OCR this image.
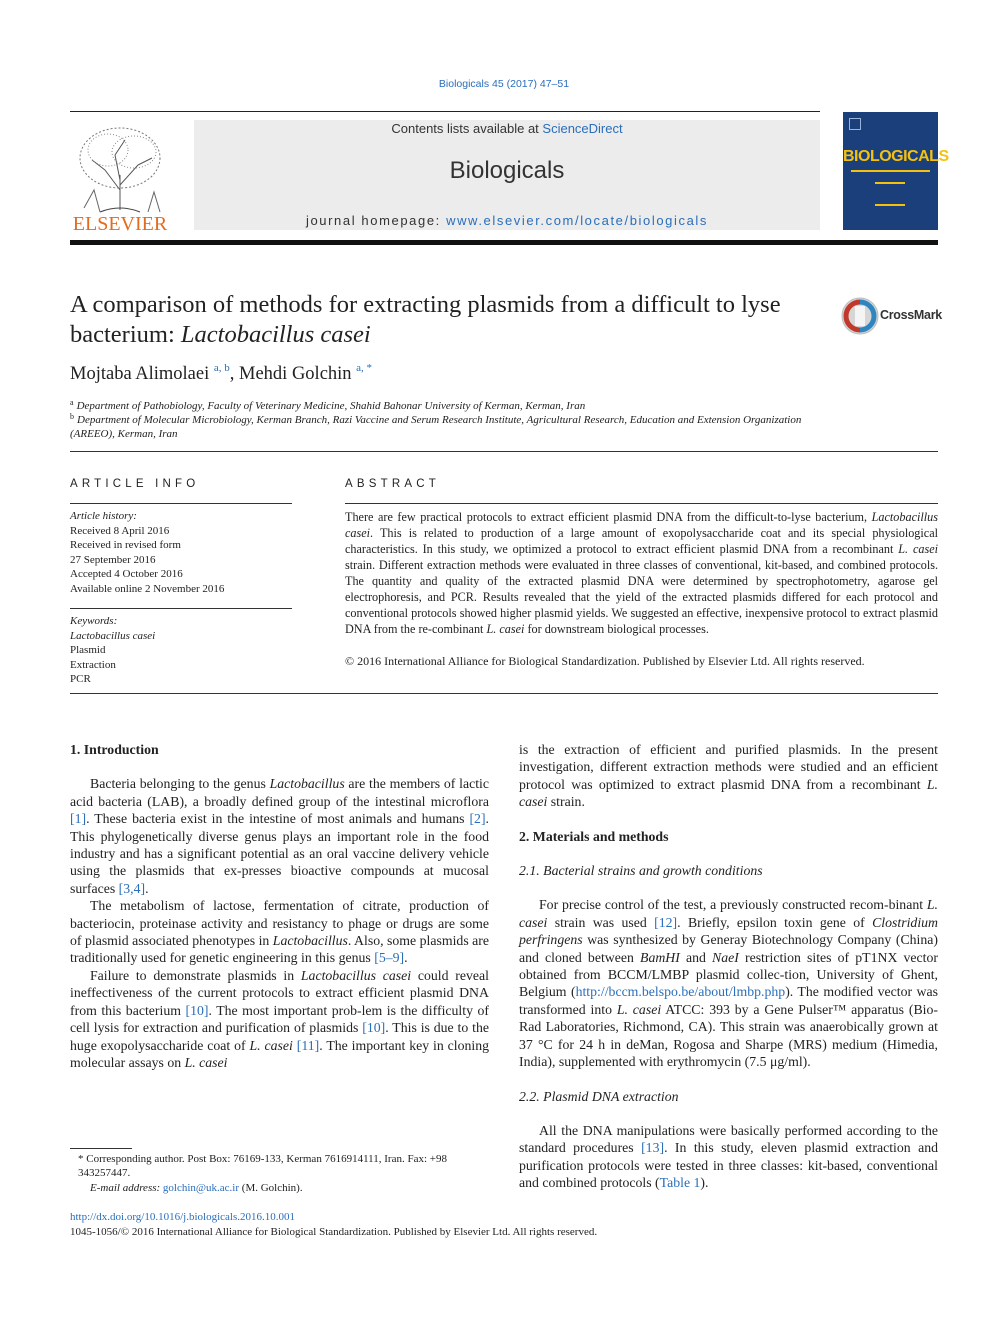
Biologicals 45 (2017) 47–51
ELSEVIER
Contents lists available at ScienceDirect
Biologicals
journal homepage: www.elsevier.com/locate/biologicals
BIOLOGICALS
A comparison of methods for extracting plasmids from a difficult to lyse bacterium: Lactobacillus casei
CrossMark
Mojtaba Alimolaei $^{a, b}$, Mehdi Golchin $^{a, *}$
$^a$ Department of Pathobiology, Faculty of Veterinary Medicine, Shahid Bahonar University of Kerman, Kerman, Iran
$^b$ Department of Molecular Microbiology, Kerman Branch, Razi Vaccine and Serum Research Institute, Agricultural Research, Education and Extension Organization (AREEO), Kerman, Iran
ARTICLE INFO	ABSTRACT
Article history:
Received 8 April 2016
Received in revised form
27 September 2016
Accepted 4 October 2016
Available online 2 November 2016
Keywords:
Lactobacillus casei
Plasmid
Extraction
PCR
There are few practical protocols to extract efficient plasmid DNA from the difficult-to-lyse bacterium, Lactobacillus casei. This is related to production of a large amount of exopolysaccharide coat and its special physiological characteristics. In this study, we optimized a protocol to extract efficient plasmid DNA from a recombinant L. casei strain. Different extraction methods were evaluated in three classes of conventional, kit-based, and combined protocols. The quantity and quality of the extracted plasmid DNA were determined by spectrophotometry, agarose gel electrophoresis, and PCR. Results revealed that the yield of the extracted plasmids differed for each protocol and conventional protocols showed higher plasmid yields. We suggested an effective, inexpensive protocol to extract plasmid DNA from the re-combinant L. casei for downstream biological processes.
© 2016 International Alliance for Biological Standardization. Published by Elsevier Ltd. All rights reserved.
1. Introduction

Bacteria belonging to the genus Lactobacillus are the members of lactic acid bacteria (LAB), a broadly defined group of the intestinal microflora [1]. These bacteria exist in the intestine of most animals and humans [2]. This phylogenetically diverse genus plays an important role in the food industry and has a significant potential as an oral vaccine delivery vehicle using the plasmids that ex-presses bioactive compounds at mucosal surfaces [3,4].

The metabolism of lactose, fermentation of citrate, production of bacteriocin, proteinase activity and resistancy to phage or drugs are some of plasmid associated phenotypes in Lactobacillus. Also, some plasmids are traditionally used for genetic engineering in this genus [5–9].

Failure to demonstrate plasmids in Lactobacillus casei could reveal ineffectiveness of the current protocols to extract efficient plasmid DNA from this bacterium [10]. The most important prob-lem is the difficulty of cell lysis for extraction and purification of plasmids [10]. This is due to the huge exopolysaccharide coat of L. casei [11]. The important key in cloning molecular assays on L. casei

is the extraction of efficient and purified plasmids. In the present investigation, different extraction methods were studied and an efficient protocol was optimized to extract plasmid DNA from a recombinant L. casei strain.

2. Materials and methods
2.1. Bacterial strains and growth conditions

For precise control of the test, a previously constructed recom-binant L. casei strain was used [12]. Briefly, epsilon toxin gene of Clostridium perfringens was synthesized by Generay Biotechnology Company (China) and cloned between BamHI and NaeI restriction sites of pT1NX vector obtained from BCCM/LMBP plasmid collec-tion, University of Ghent, Belgium (http://bccm.belspo.be/about/lmbp.php). The modified vector was transformed into L. casei ATCC: 393 by a Gene Pulser™ apparatus (Bio-Rad Laboratories, Richmond, CA). This strain was anaerobically grown at 37 °C for 24 h in deMan, Rogosa and Sharpe (MRS) medium (Himedia, India), supplemented with erythromycin (7.5 μg/ml).

2.2. Plasmid DNA extraction

All the DNA manipulations were basically performed according to the standard procedures [13]. In this study, eleven plasmid extraction and purification protocols were tested in three classes: kit-based, conventional and combined protocols (Table 1).

* Corresponding author. Post Box: 76169-133, Kerman 7616914111, Iran. Fax: +98 343257447.
E-mail address: golchin@uk.ac.ir (M. Golchin).
http://dx.doi.org/10.1016/j.biologicals.2016.10.001
1045-1056/© 2016 International Alliance for Biological Standardization. Published by Elsevier Ltd. All rights reserved.
